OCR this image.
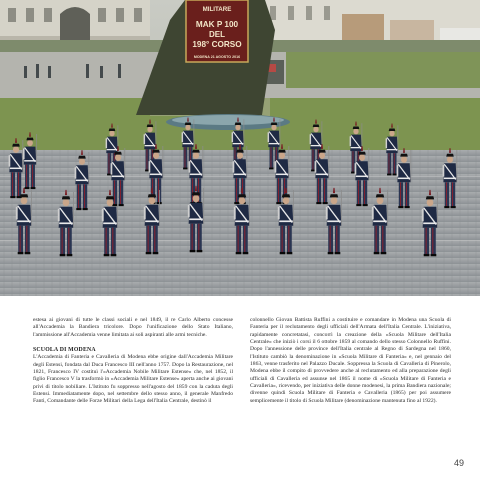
MILITARE
MAK P 100
DEL
198° CORSO
MODENA 21 AGOSTO 2016

estesa ai giovani di tutte le classi sociali e nel 1849, il re Carlo Alberto concesse all'Accademia la Bandiera tricolore. Dopo l'unificazione dello Stato Italiano, l'ammissione all'Accademia venne limitata ai soli aspiranti alle armi tecniche.

SCUOLA DI MODENA

L'Accademia di Fanteria e Cavalleria di Modena ebbe origine dall'Accademia Militare degli Estensi, fondata dal Duca Francesco III nell'anno 1757. Dopo la Restaurazione, nel 1821, Francesco IV costituì l'«Accademia Nobile Militare Estense» che, nel 1852, il figlio Francesco V la trasformò in «Accademia Militare Estense» aperta anche ai giovani privi di titolo nobiliare. L'Istituto fu soppresso nell'agosto del 1859 con la caduta degli Estensi. Immediatamente dopo, nel settembre dello stesso anno, il generale Manfredo Fanti, Comandante delle Forze Militari della Lega dell'Italia Centrale, destinò il

colonnello Giovan Battista Ruffini a costituire e comandare in Modena una Scuola di Fanteria per il reclutamento degli ufficiali dell'Armata dell'Italia Centrale. L'iniziativa, rapidamente concretatasi, concorrì la creazione della «Scuola Militare dell'Italia Centrale» che iniziò i corsi il 6 ottobre 1859 al comando dello stesso Colonnello Ruffini. Dopo l'annessione delle province dell'Italia centrale al Regno di Sardegna nel 1860, l'Istituto cambiò la denominazione in «Scuola Militare di Fanteria» e, nel gennaio del 1863, venne trasferito nel Palazzo Ducale. Soppressa la Scuola di Cavalleria di Pinerolo, Modena ebbe il compito di provvedere anche al reclutamento ed alla preparazione degli ufficiali di Cavalleria ed assunse nel 1865 il nome di «Scuola Militare di Fanteria e Cavalleria», ricevendo, per iniziativa delle donne modenesi, la prima Bandiera nazionale; divenne quindi Scuola Militare di Fanteria e Cavalleria (1865) per poi assumere semplicemente il titolo di Scuola Militare (denominazione mantenuta fino al 1922).

49
